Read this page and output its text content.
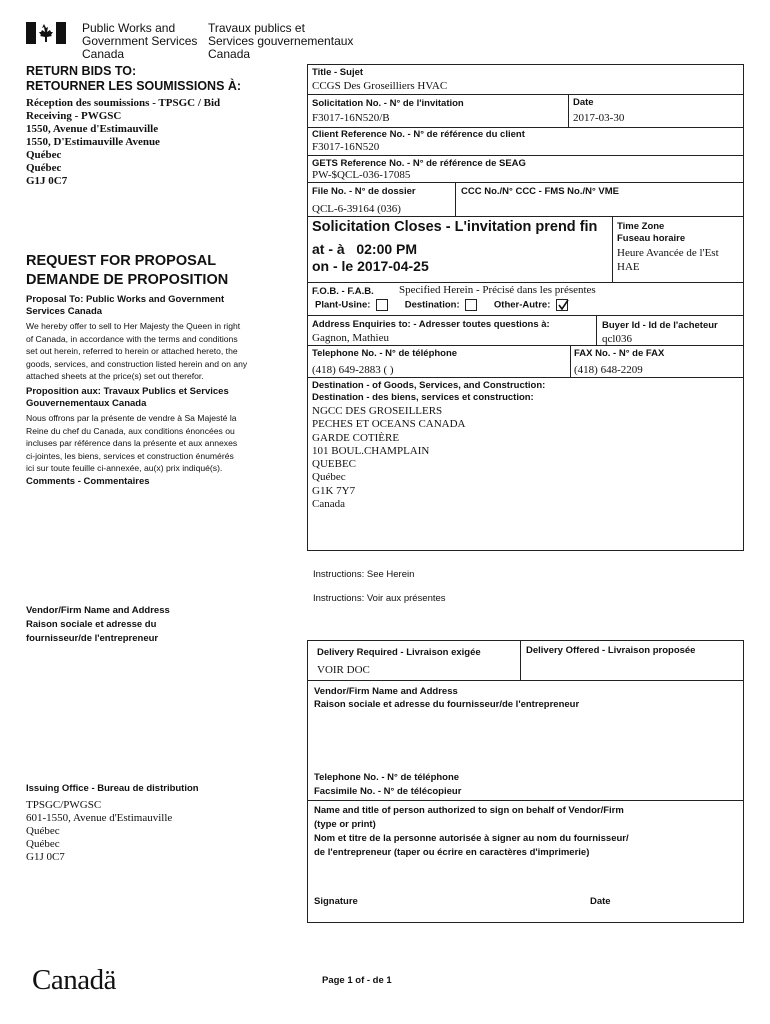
Public Works and
Government Services
Canada
Travaux publics et
Services gouvernementaux
Canada
RETURN BIDS TO:
RETOURNER LES SOUMISSIONS À:
Réception des soumissions - TPSGC / Bid
Receiving - PWGSC
1550, Avenue d'Estimauville
1550, D'Estimauville Avenue
Québec
Québec
G1J 0C7
REQUEST FOR PROPOSAL
DEMANDE DE PROPOSITION
Proposal To: Public Works and Government
Services Canada
We hereby offer to sell to Her Majesty the Queen in right
of Canada, in accordance with the terms and conditions
set out herein, referred to herein or attached hereto, the
goods, services, and construction listed herein and on any
attached sheets at the price(s) set out therefor.
Proposition aux: Travaux Publics et Services
Gouvernementaux Canada
Nous offrons par la présente de vendre à Sa Majesté la
Reine du chef du Canada, aux conditions énoncées ou
incluses par référence dans la présente et aux annexes
ci-jointes, les biens, services et construction énumérés
ici sur toute feuille ci-annexée, au(x) prix indiqué(s).
Comments - Commentaires
Vendor/Firm Name and Address
Raison sociale et adresse du
fournisseur/de l'entrepreneur
Issuing Office - Bureau de distribution
TPSGC/PWGSC
601-1550, Avenue d'Estimauville
Québec
Québec
G1J 0C7
Title - Sujet
CCGS Des Groseilliers HVAC
Solicitation No. - N° de l'invitation
F3017-16N520/B
Date
2017-03-30
Client Reference No. - N° de référence du client
F3017-16N520
GETS Reference No. - N° de référence de SEAG
PW-$QCL-036-17085
File No. - N° de dossier
QCL-6-39164 (036)
CCC No./N° CCC - FMS No./N° VME
Solicitation Closes - L'invitation prend fin
at - à 02:00 PM
on - le 2017-04-25
Time Zone
Fuseau horaire
Heure Avancée de l'Est
HAE
F.O.B. - F.A.B. Specified Herein - Précisé dans les présentes
Plant-Usine:	Destination:	Other-Autre:
Address Enquiries to: - Adresser toutes questions à:
Gagnon, Mathieu
Buyer Id - Id de l'acheteur
qcl036
Telephone No. - N° de téléphone
(418) 649-2883 ( )
FAX No. - N° de FAX
(418) 648-2209
Destination - of Goods, Services, and Construction:
Destination - des biens, services et construction:
NGCC DES GROSEILLERS
PECHES ET OCEANS CANADA
GARDE COTIÈRE
101 BOUL.CHAMPLAIN
QUEBEC
Québec
G1K 7Y7
Canada
Instructions: See Herein
Instructions: Voir aux présentes
Delivery Required - Livraison exigée
VOIR DOC
Delivery Offered - Livraison proposée
Vendor/Firm Name and Address
Raison sociale et adresse du fournisseur/de l'entrepreneur
Telephone No. - N° de téléphone
Facsimile No. - N° de télécopieur
Name and title of person authorized to sign on behalf of Vendor/Firm
(type or print)
Nom et titre de la personne autorisée à signer au nom du fournisseur/
de l'entrepreneur (taper ou écrire en caractères d'imprimerie)
Signature	Date
Canadä	Page 1 of - de 1
